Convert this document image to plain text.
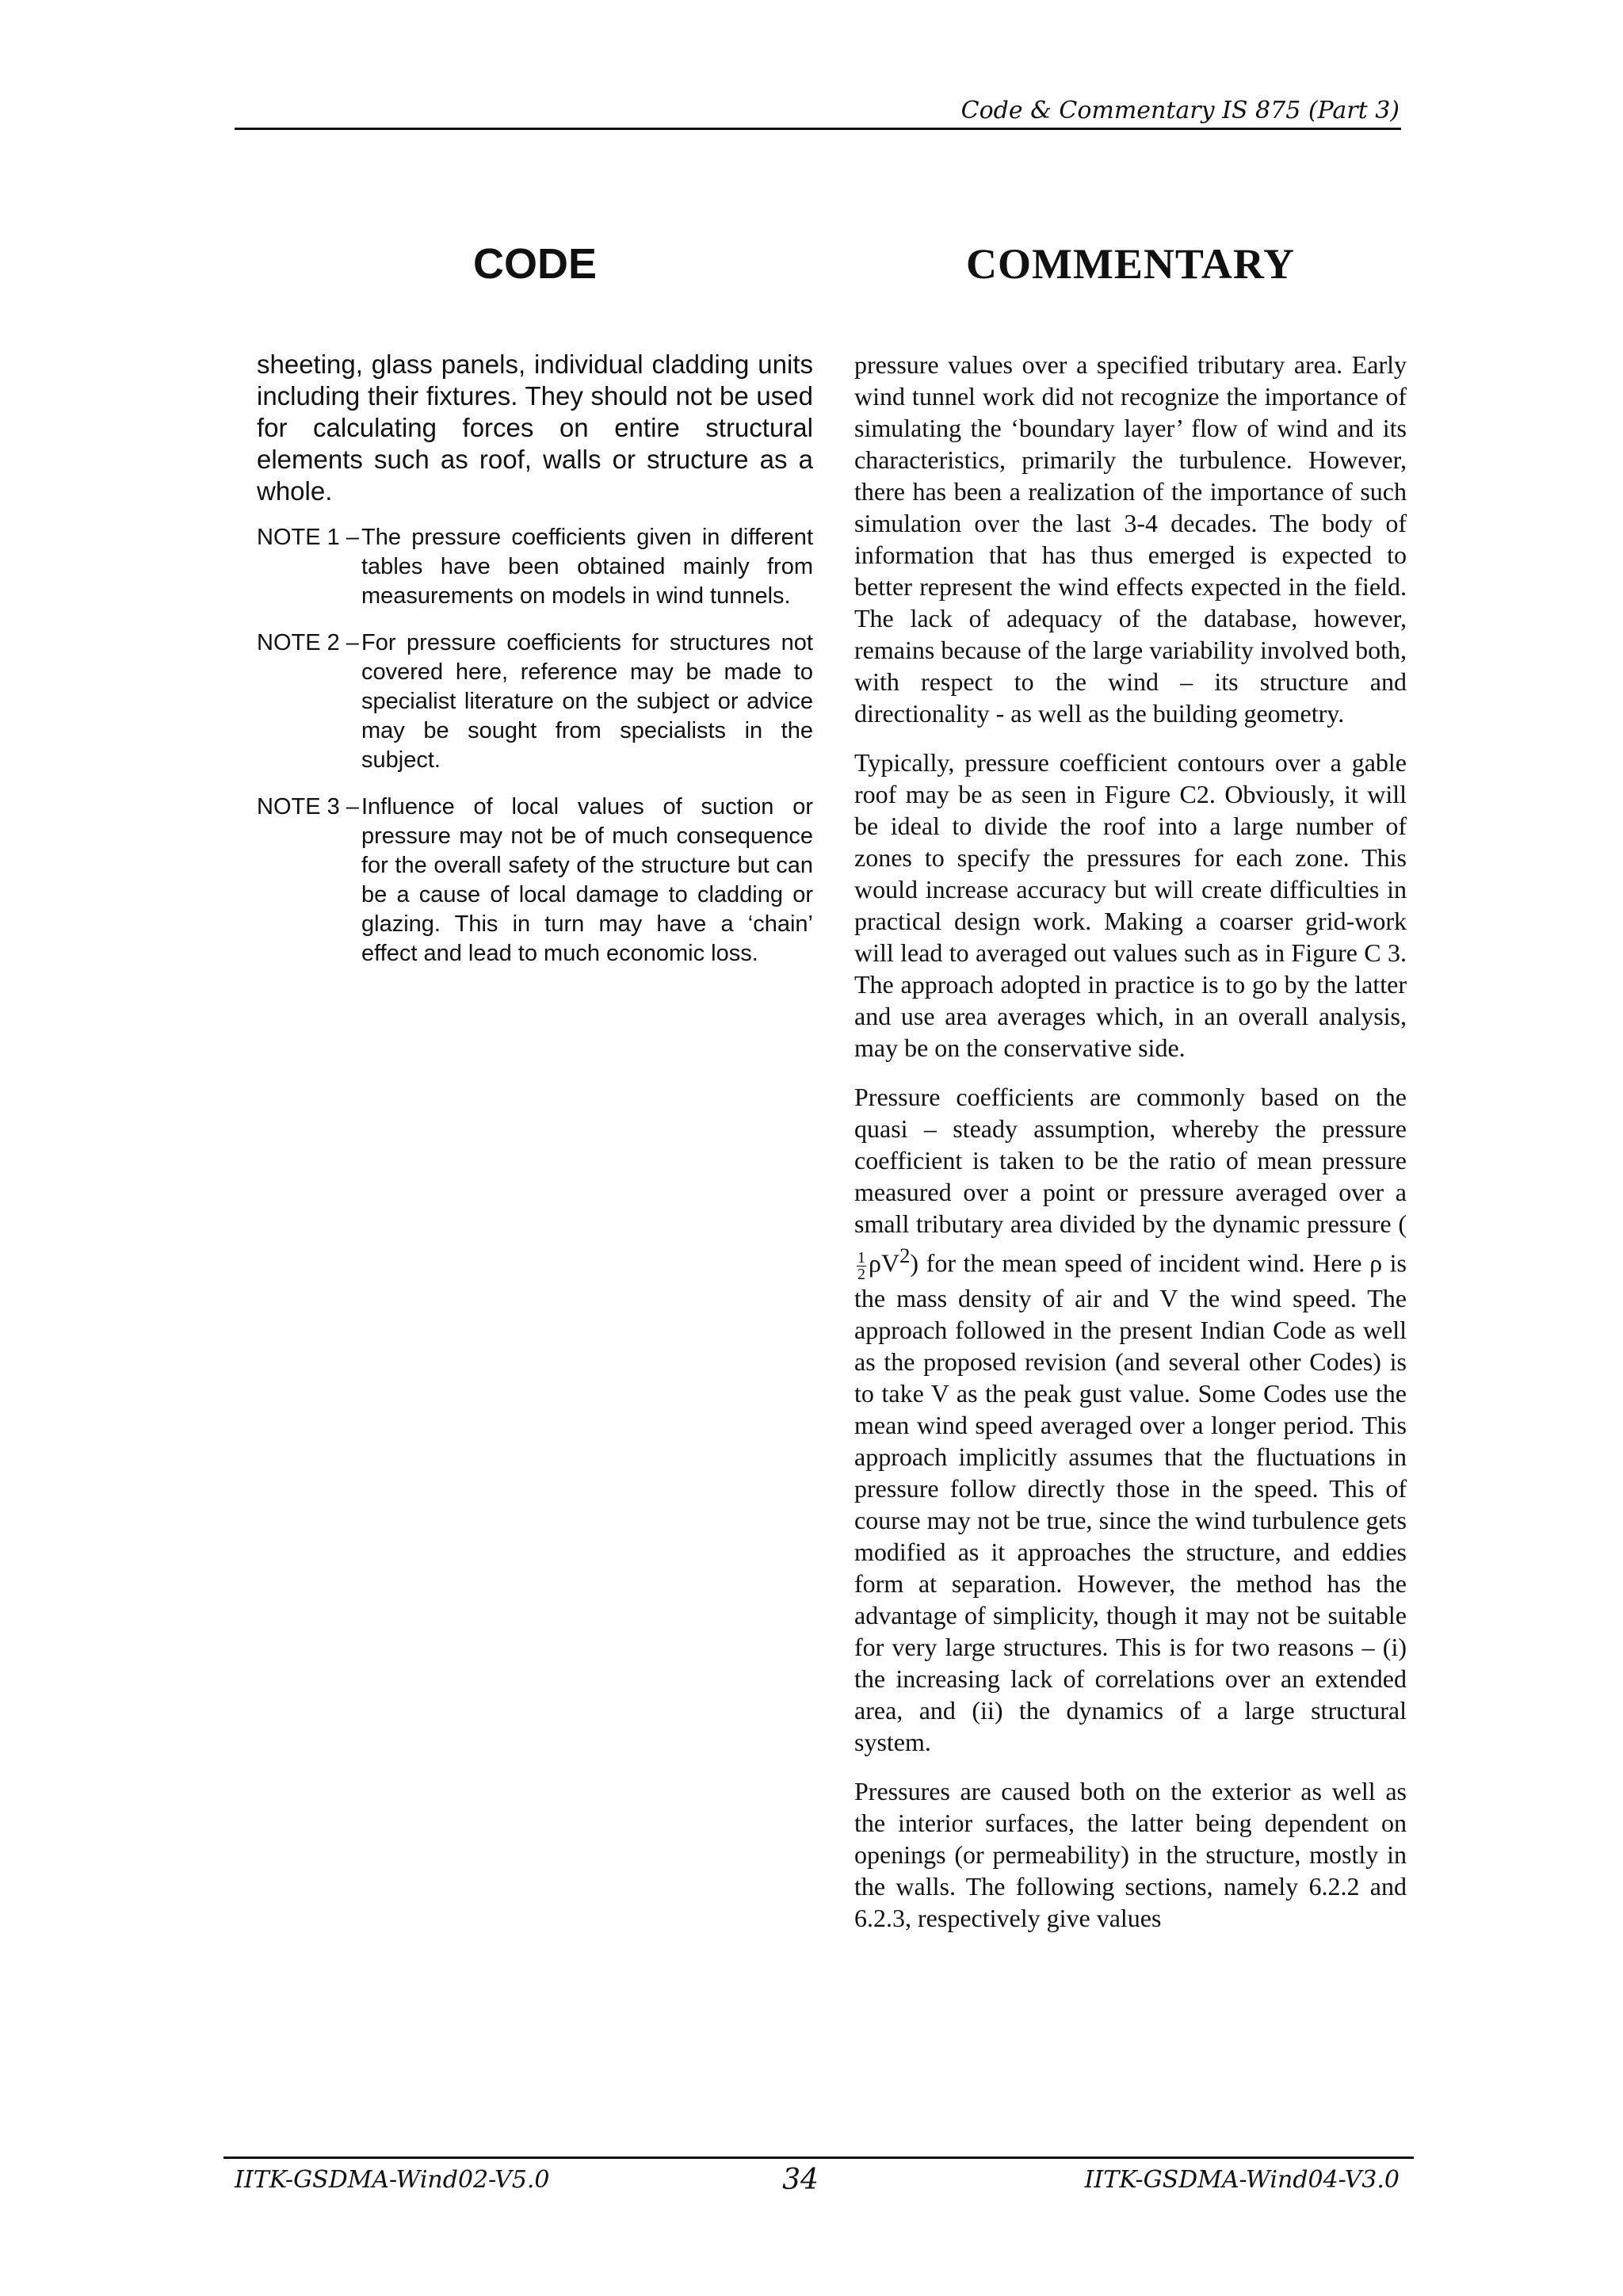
Code & Commentary IS 875 (Part 3)
CODE	COMMENTARY

sheeting, glass panels, individual cladding units including their fixtures. They should not be used for calculating forces on entire structural elements such as roof, walls or structure as a whole.

NOTE 1 – The pressure coefficients given in different tables have been obtained mainly from measurements on models in wind tunnels.
NOTE 2 – For pressure coefficients for structures not covered here, reference may be made to specialist literature on the subject or advice may be sought from specialists in the subject.
NOTE 3 – Influence of local values of suction or pressure may not be of much consequence for the overall safety of the structure but can be a cause of local damage to cladding or glazing. This in turn may have a ‘chain’ effect and lead to much economic loss.

pressure values over a specified tributary area. Early wind tunnel work did not recognize the importance of simulating the ‘boundary layer’ flow of wind and its characteristics, primarily the turbulence. However, there has been a realization of the importance of such simulation over the last 3-4 decades. The body of information that has thus emerged is expected to better represent the wind effects expected in the field. The lack of adequacy of the database, however, remains because of the large variability involved both, with respect to the wind – its structure and directionality - as well as the building geometry.

Typically, pressure coefficient contours over a gable roof may be as seen in Figure C2. Obviously, it will be ideal to divide the roof into a large number of zones to specify the pressures for each zone. This would increase accuracy but will create difficulties in practical design work. Making a coarser grid-work will lead to averaged out values such as in Figure C 3. The approach adopted in practice is to go by the latter and use area averages which, in an overall analysis, may be on the conservative side.

Pressure coefficients are commonly based on the quasi – steady assumption, whereby the pressure coefficient is taken to be the ratio of mean pressure measured over a point or pressure averaged over a small tributary area divided by the dynamic pressure (
$\frac{1}{2} \rho V^2$) for the mean speed of incident wind. Here ρ is the mass density of air and V the wind speed. The approach followed in the present Indian Code as well as the proposed revision (and several other Codes) is to take V as the peak gust value. Some Codes use the mean wind speed averaged over a longer period. This approach implicitly assumes that the fluctuations in pressure follow directly those in the speed. This of course may not be true, since the wind turbulence gets modified as it approaches the structure, and eddies form at separation. However, the method has the advantage of simplicity, though it may not be suitable for very large structures. This is for two reasons – (i) the increasing lack of correlations over an extended area, and (ii) the dynamics of a large structural system.

Pressures are caused both on the exterior as well as the interior surfaces, the latter being dependent on openings (or permeability) in the structure, mostly in the walls. The following sections, namely 6.2.2 and 6.2.3, respectively give values

IITK-GSDMA-Wind02-V5.0	34	IITK-GSDMA-Wind04-V3.0
